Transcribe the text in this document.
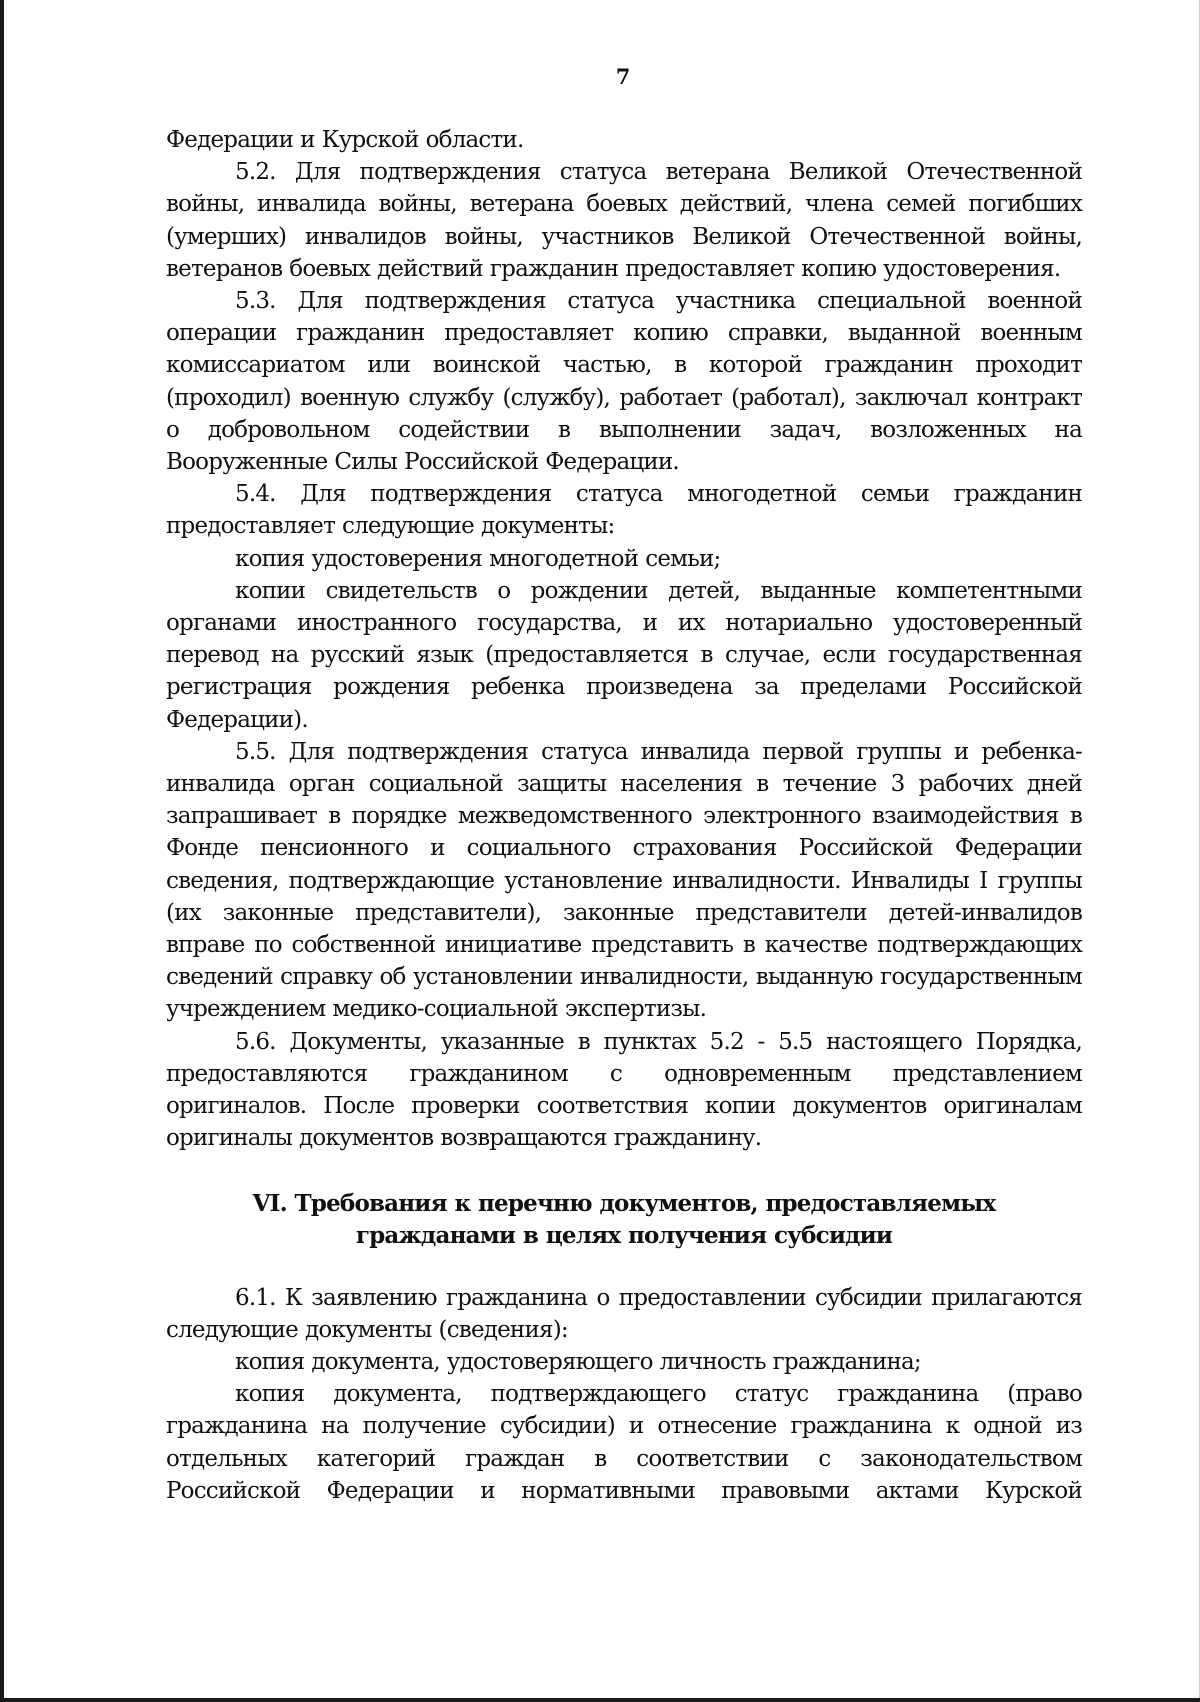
7

Федерации и Курской области.

5.2. Для подтверждения статуса ветерана Великой Отечественной войны, инвалида войны, ветерана боевых действий, члена семей погибших (умерших) инвалидов войны, участников Великой Отечественной войны, ветеранов боевых действий гражданин предоставляет копию удостоверения.

5.3. Для подтверждения статуса участника специальной военной операции гражданин предоставляет копию справки, выданной военным комиссариатом или воинской частью, в которой гражданин проходит (проходил) военную службу (службу), работает (работал), заключал контракт о добровольном содействии в выполнении задач, возложенных на Вооруженные Силы Российской Федерации.

5.4. Для подтверждения статуса многодетной семьи гражданин предоставляет следующие документы:

копия удостоверения многодетной семьи;

копии свидетельств о рождении детей, выданные компетентными органами иностранного государства, и их нотариально удостоверенный перевод на русский язык (предоставляется в случае, если государственная регистрация рождения ребенка произведена за пределами Российской Федерации).

5.5. Для подтверждения статуса инвалида первой группы и ребенка-инвалида орган социальной защиты населения в течение 3 рабочих дней запрашивает в порядке межведомственного электронного взаимодействия в Фонде пенсионного и социального страхования Российской Федерации сведения, подтверждающие установление инвалидности. Инвалиды I группы (их законные представители), законные представители детей-инвалидов вправе по собственной инициативе представить в качестве подтверждающих сведений справку об установлении инвалидности, выданную государственным учреждением медико-социальной экспертизы.

5.6. Документы, указанные в пунктах 5.2 - 5.5 настоящего Порядка, предоставляются гражданином с одновременным представлением оригиналов. После проверки соответствия копии документов оригиналам оригиналы документов возвращаются гражданину.

VI. Требования к перечню документов, предоставляемых
гражданами в целях получения субсидии

6.1. К заявлению гражданина о предоставлении субсидии прилагаются следующие документы (сведения):

копия документа, удостоверяющего личность гражданина;

копия документа, подтверждающего статус гражданина (право гражданина на получение субсидии) и отнесение гражданина к одной из отдельных категорий граждан в соответствии с законодательством Российской Федерации и нормативными правовыми актами Курской
